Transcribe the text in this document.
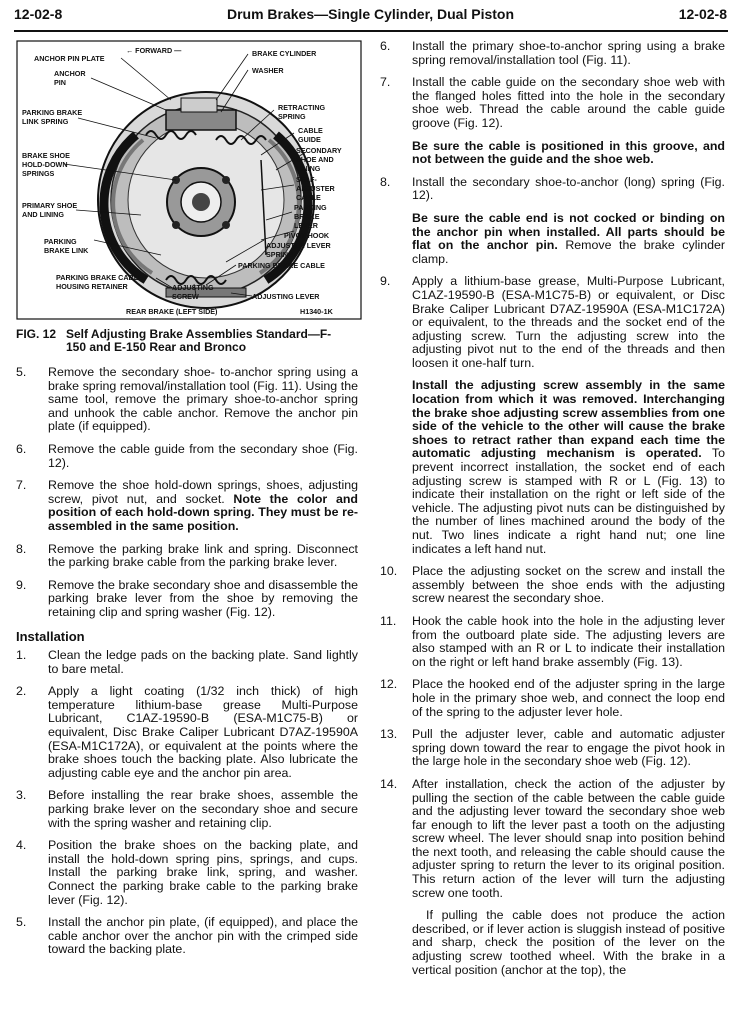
Drum Brakes—Single Cylinder, Dual Piston
12-02-8	12-02-8
ANCHOR PIN PLATE
← FORWARD —	BRAKE CYLINDER
ANCHOR
PIN
WASHER
PARKING BRAKE
LINK SPRING
RETRACTING
SPRING
CABLE
GUIDE
SECONDARY
SHOE AND
LINING
BRAKE SHOE
HOLD-DOWN
SPRINGS
SELF-
ADJUSTER
CABLE
PRIMARY SHOE
AND LINING
PARKING
BRAKE
LEVER
PIVOT HOOK
PARKING
BRAKE LINK
ADJUSTER LEVER
SPRING
PARKING BRAKE CABLE
PARKING BRAKE CABLE
HOUSING RETAINER	ADJUSTING
SCREW	ADJUSTING LEVER
REAR BRAKE (LEFT SIDE)	H1340-1K
FIG. 12 Self Adjusting Brake Assemblies Standard—F-
150 and E-150 Rear and Bronco
5. Remove the secondary shoe- to-anchor spring using a brake spring removal/installation tool (Fig. 11). Using the same tool, remove the primary shoe-to-anchor spring and unhook the cable anchor. Remove the anchor pin plate (if equipped).
6. Remove the cable guide from the secondary shoe (Fig. 12).
7. Remove the shoe hold-down springs, shoes, adjusting screw, pivot nut, and socket. Note the color and position of each hold-down spring. They must be re-assembled in the same position.
8. Remove the parking brake link and spring. Disconnect the parking brake cable from the parking brake lever.
9. Remove the brake secondary shoe and disassemble the parking brake lever from the shoe by removing the retaining clip and spring washer (Fig. 12).
Installation
1. Clean the ledge pads on the backing plate. Sand lightly to bare metal.
2. Apply a light coating (1/32 inch thick) of high temperature lithium-base grease Multi-Purpose Lubricant, C1AZ-19590-B (ESA-M1C75-B) or equivalent, Disc Brake Caliper Lubricant D7AZ-19590A (ESA-M1C172A), or equivalent at the points where the brake shoes touch the backing plate. Also lubricate the adjusting cable eye and the anchor pin area.
3. Before installing the rear brake shoes, assemble the parking brake lever on the secondary shoe and secure with the spring washer and retaining clip.
4. Position the brake shoes on the backing plate, and install the hold-down spring pins, springs, and cups. Install the parking brake link, spring, and washer. Connect the parking brake cable to the parking brake lever (Fig. 12).
5. Install the anchor pin plate, (if equipped), and place the cable anchor over the anchor pin with the crimped side toward the backing plate.
6. Install the primary shoe-to-anchor spring using a brake spring removal/installation tool (Fig. 11).
7. Install the cable guide on the secondary shoe web with the flanged holes fitted into the hole in the secondary shoe web. Thread the cable around the cable guide groove (Fig. 12).
Be sure the cable is positioned in this groove, and not between the guide and the shoe web.
8. Install the secondary shoe-to-anchor (long) spring (Fig. 12).
Be sure the cable end is not cocked or binding on the anchor pin when installed. All parts should be flat on the anchor pin. Remove the brake cylinder clamp.
9. Apply a lithium-base grease, Multi-Purpose Lubricant, C1AZ-19590-B (ESA-M1C75-B) or equivalent, or Disc Brake Caliper Lubricant D7AZ-19590A (ESA-M1C172A) or equivalent, to the threads and the socket end of the adjusting screw. Turn the adjusting screw into the adjusting pivot nut to the end of the threads and then loosen it one-half turn.
Install the adjusting screw assembly in the same location from which it was removed. Interchanging the brake shoe adjusting screw assemblies from one side of the vehicle to the other will cause the brake shoes to retract rather than expand each time the automatic adjusting mechanism is operated. To prevent incorrect installation, the socket end of each adjusting screw is stamped with R or L (Fig. 13) to indicate their installation on the right or left side of the vehicle. The adjusting pivot nuts can be distinguished by the number of lines machined around the body of the nut. Two lines indicate a right hand nut; one line indicates a left hand nut.
10. Place the adjusting socket on the screw and install the assembly between the shoe ends with the adjusting screw nearest the secondary shoe.
11. Hook the cable hook into the hole in the adjusting lever from the outboard plate side. The adjusting levers are also stamped with an R or L to indicate their installation on the right or left hand brake assembly (Fig. 13).
12. Place the hooked end of the adjuster spring in the large hole in the primary shoe web, and connect the loop end of the spring to the adjuster lever hole.
13. Pull the adjuster lever, cable and automatic adjuster spring down toward the rear to engage the pivot hook in the large hole in the secondary shoe web (Fig. 12).
14. After installation, check the action of the adjuster by pulling the section of the cable between the cable guide and the adjusting lever toward the secondary shoe web far enough to lift the lever past a tooth on the adjusting screw wheel. The lever should snap into position behind the next tooth, and releasing the cable should cause the adjuster spring to return the lever to its original position. This return action of the lever will turn the adjusting screw one tooth.
If pulling the cable does not produce the action described, or if lever action is sluggish instead of positive and sharp, check the position of the lever on the adjusting screw toothed wheel. With the brake in a vertical position (anchor at the top), the
